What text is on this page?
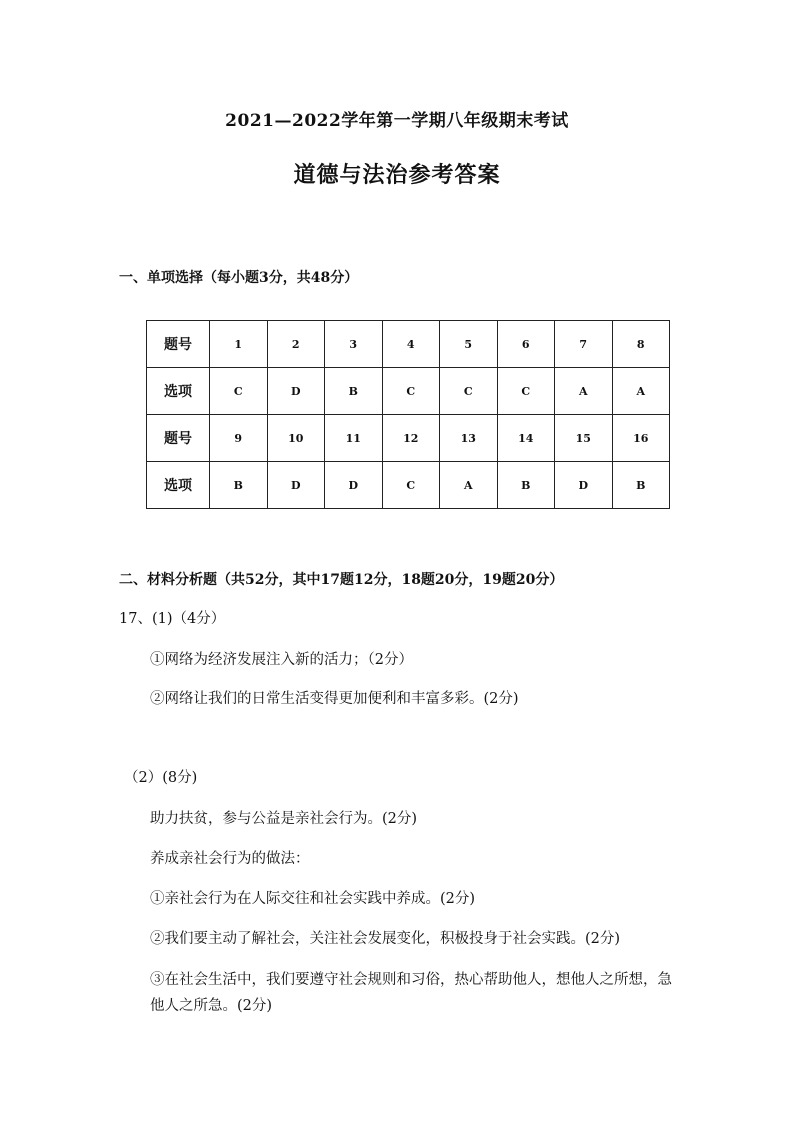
2021—2022学年第一学期八年级期末考试
道德与法治参考答案
一、单项选择（每小题3分，共48分）
题号	1	2	3	4	5	6	7	8
选项	C	D	B	C	C	C	A	A
题号	9	10	11	12	13	14	15	16
选项	B	D	D	C	A	B	D	B
二、材料分析题（共52分，其中17题12分，18题20分，19题20分）
17、(1)（4分）
①网络为经济发展注入新的活力；（2分）
②网络让我们的日常生活变得更加便利和丰富多彩。(2分)
（2）(8分)
助力扶贫，参与公益是亲社会行为。(2分)
养成亲社会行为的做法：
①亲社会行为在人际交往和社会实践中养成。(2分)
②我们要主动了解社会，关注社会发展变化，积极投身于社会实践。(2分)
③在社会生活中，我们要遵守社会规则和习俗，热心帮助他人，想他人之所想，急他人之所急。(2分)
